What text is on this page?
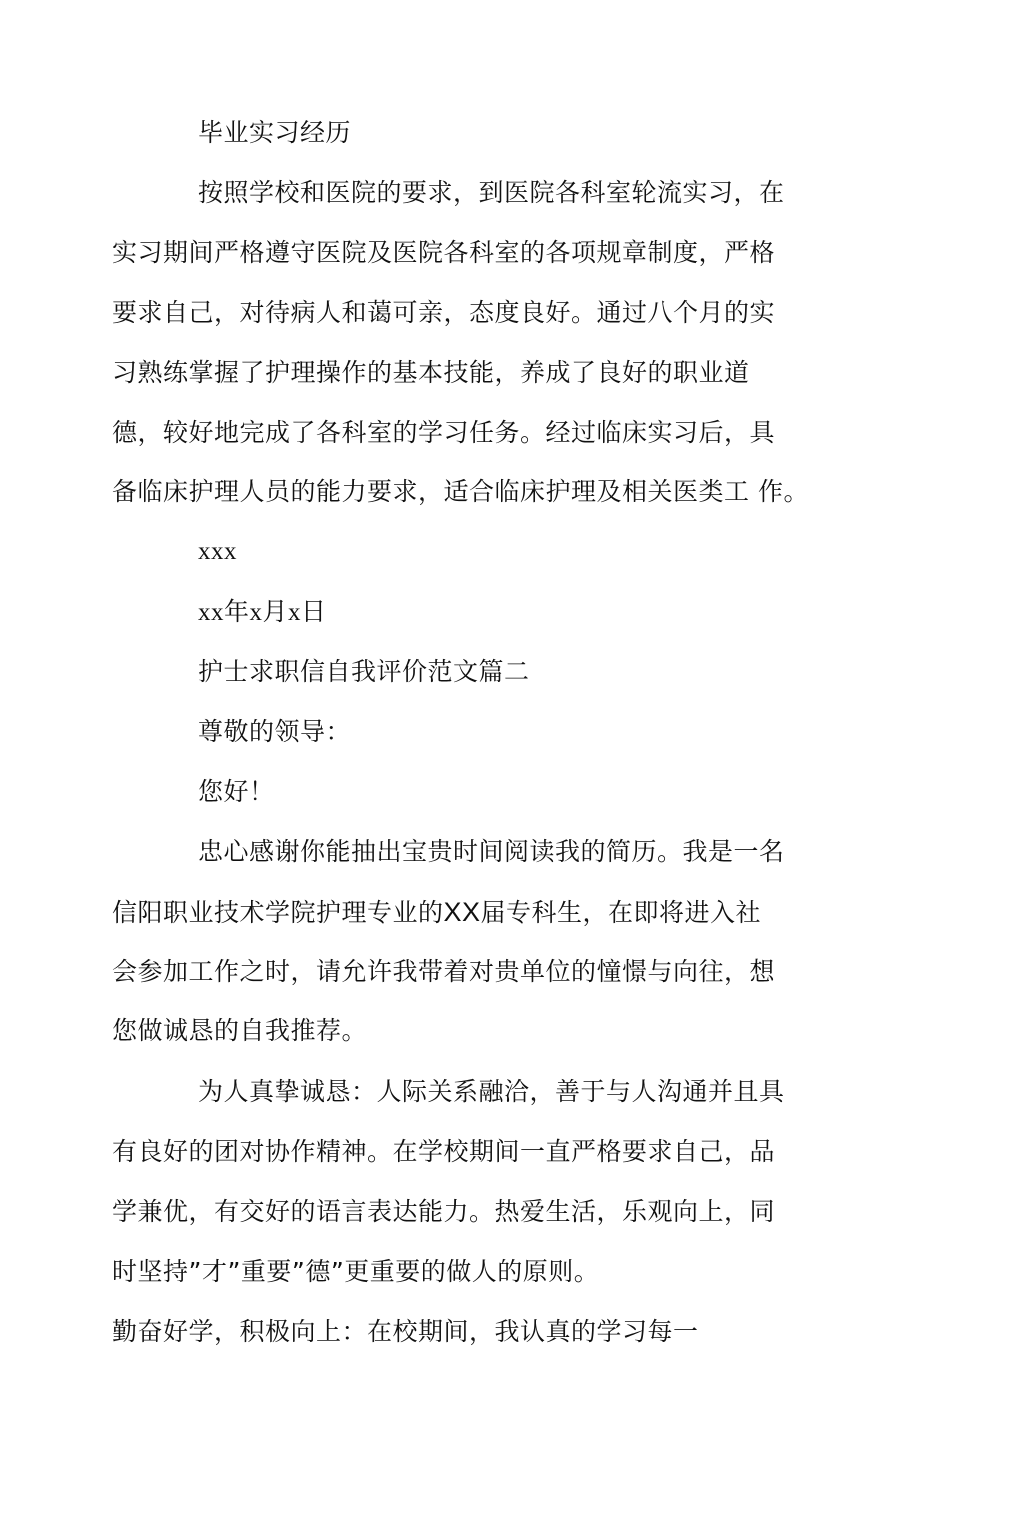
毕业实习经历
按照学校和医院的要求，到医院各科室轮流实习，在
实习期间严格遵守医院及医院各科室的各项规章制度，严格
要求自己，对待病人和蔼可亲，态度良好。通过八个月的实
习熟练掌握了护理操作的基本技能，养成了良好的职业道
德，较好地完成了各科室的学习任务。经过临床实习后，具
备临床护理人员的能力要求，适合临床护理及相关医类工 作。
xxx
xx年x月x日
护士求职信自我评价范文篇二
尊敬的领导：
您好！
忠心感谢你能抽出宝贵时间阅读我的简历。我是一名
信阳职业技术学院护理专业的XX届专科生，在即将进入社
会参加工作之时，请允许我带着对贵单位的憧憬与向往，想
您做诚恳的自我推荐。
为人真挚诚恳：人际关系融洽，善于与人沟通并且具
有良好的团对协作精神。在学校期间一直严格要求自己，品
学兼优，有交好的语言表达能力。热爱生活，乐观向上，同
时坚持”才”重要”德”更重要的做人的原则。
勤奋好学，积极向上：在校期间，我认真的学习每一
